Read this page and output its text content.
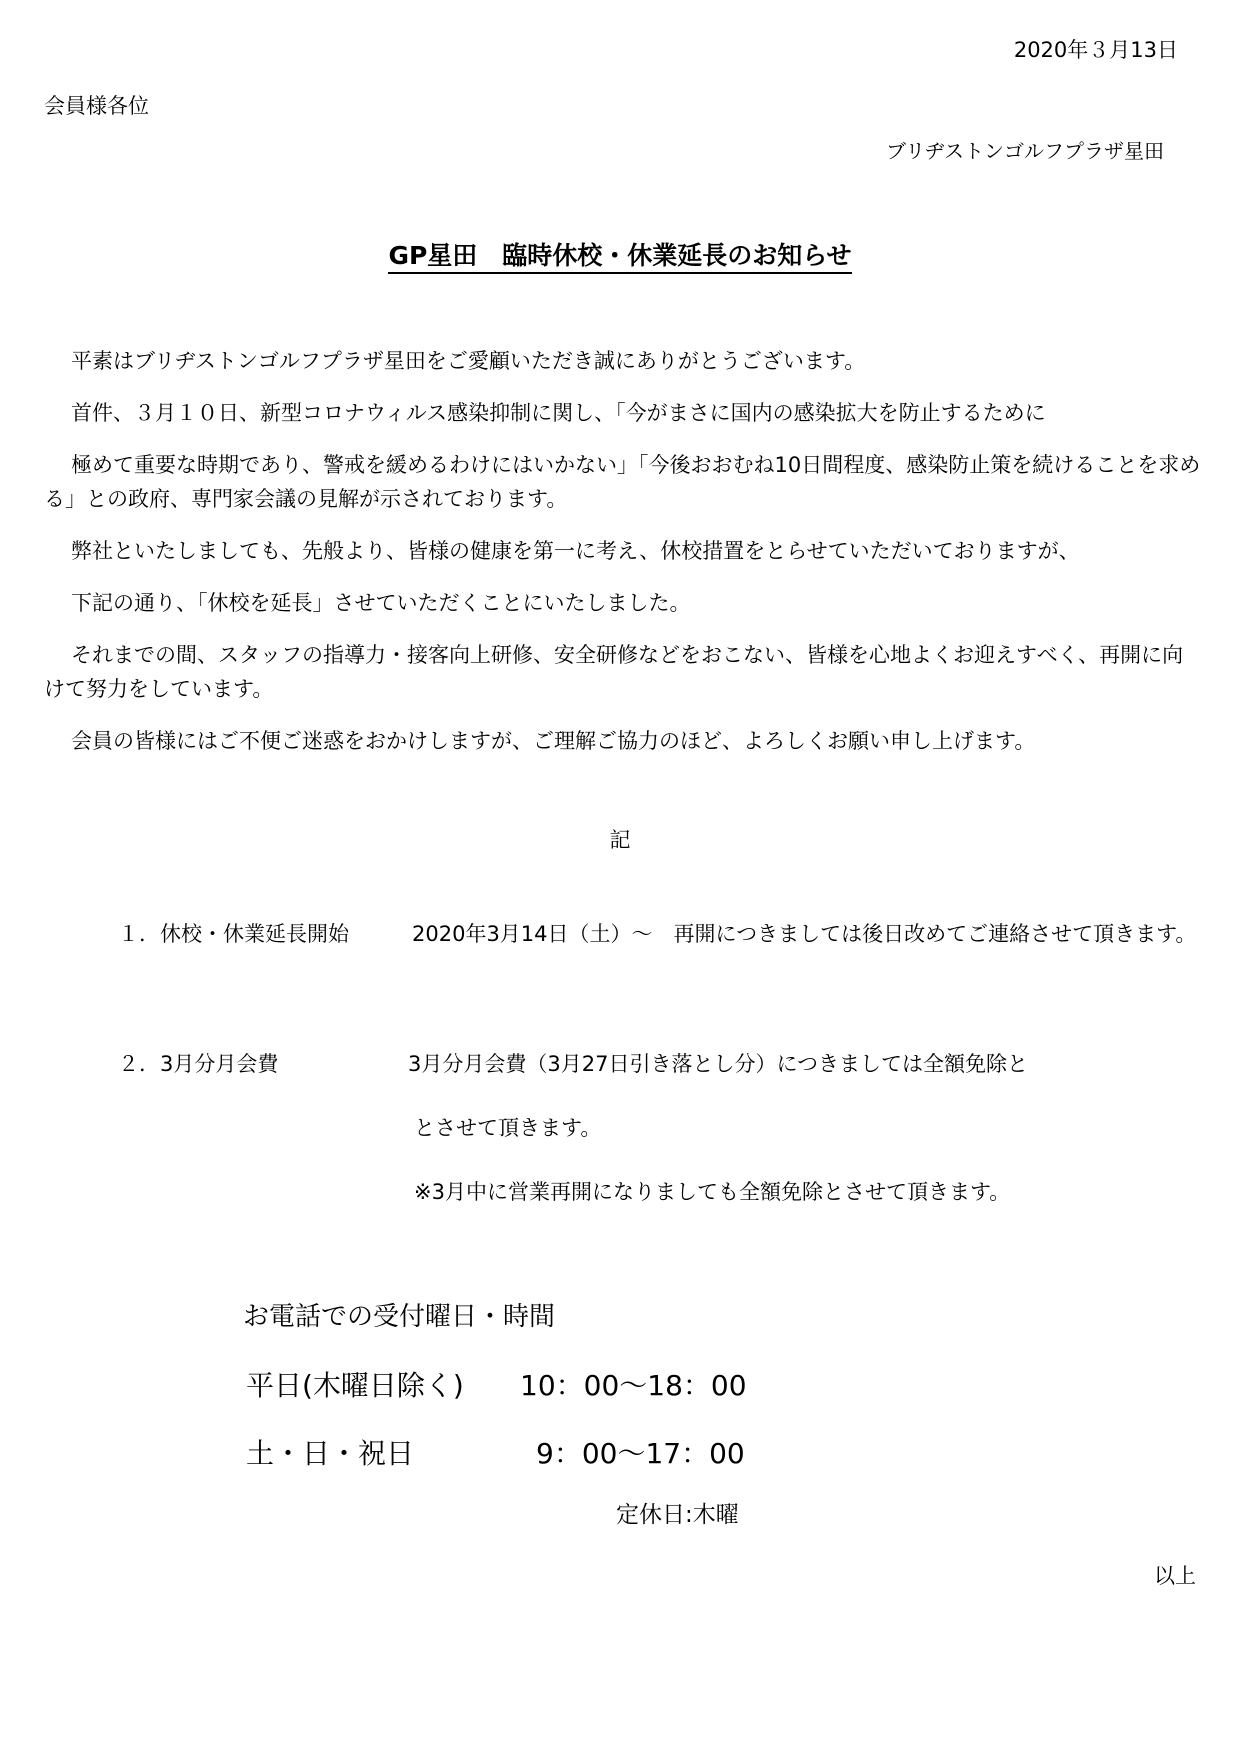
2020年３月13日
会員様各位
ブリヂストンゴルフプラザ星田
GP星田　臨時休校・休業延長のお知らせ

平素はブリヂストンゴルフプラザ星田をご愛顧いただき誠にありがとうございます。

首件、３月１０日、新型コロナウィルス感染抑制に関し、「今がまさに国内の感染拡大を防止するために

極めて重要な時期であり、警戒を緩めるわけにはいかない」「今後おおむね10日間程度、感染防止策を続けることを求める」との政府、専門家会議の見解が示されております。

弊社といたしましても、先般より、皆様の健康を第一に考え、休校措置をとらせていただいておりますが、

下記の通り、「休校を延長」させていただくことにいたしました。

それまでの間、スタッフの指導力・接客向上研修、安全研修などをおこない、皆様を心地よくお迎えすべく、再開に向けて努力をしています。

会員の皆様にはご不便ご迷惑をおかけしますが、ご理解ご協力のほど、よろしくお願い申し上げます。

記
１． 休校・休業延長開始	2020年3月14日（土）～　再開につきましては後日改めてご連絡させて頂きます。
２． 3月分月会費	3月分月会費（3月27日引き落とし分）につきましては全額免除と
とさせて頂きます。
※3月中に営業再開になりましても全額免除とさせて頂きます。
お電話での受付曜日・時間
平日(木曜日除く) 10：00～18：00
土・日・祝日	9：00～17：00
定休日:木曜
以上
